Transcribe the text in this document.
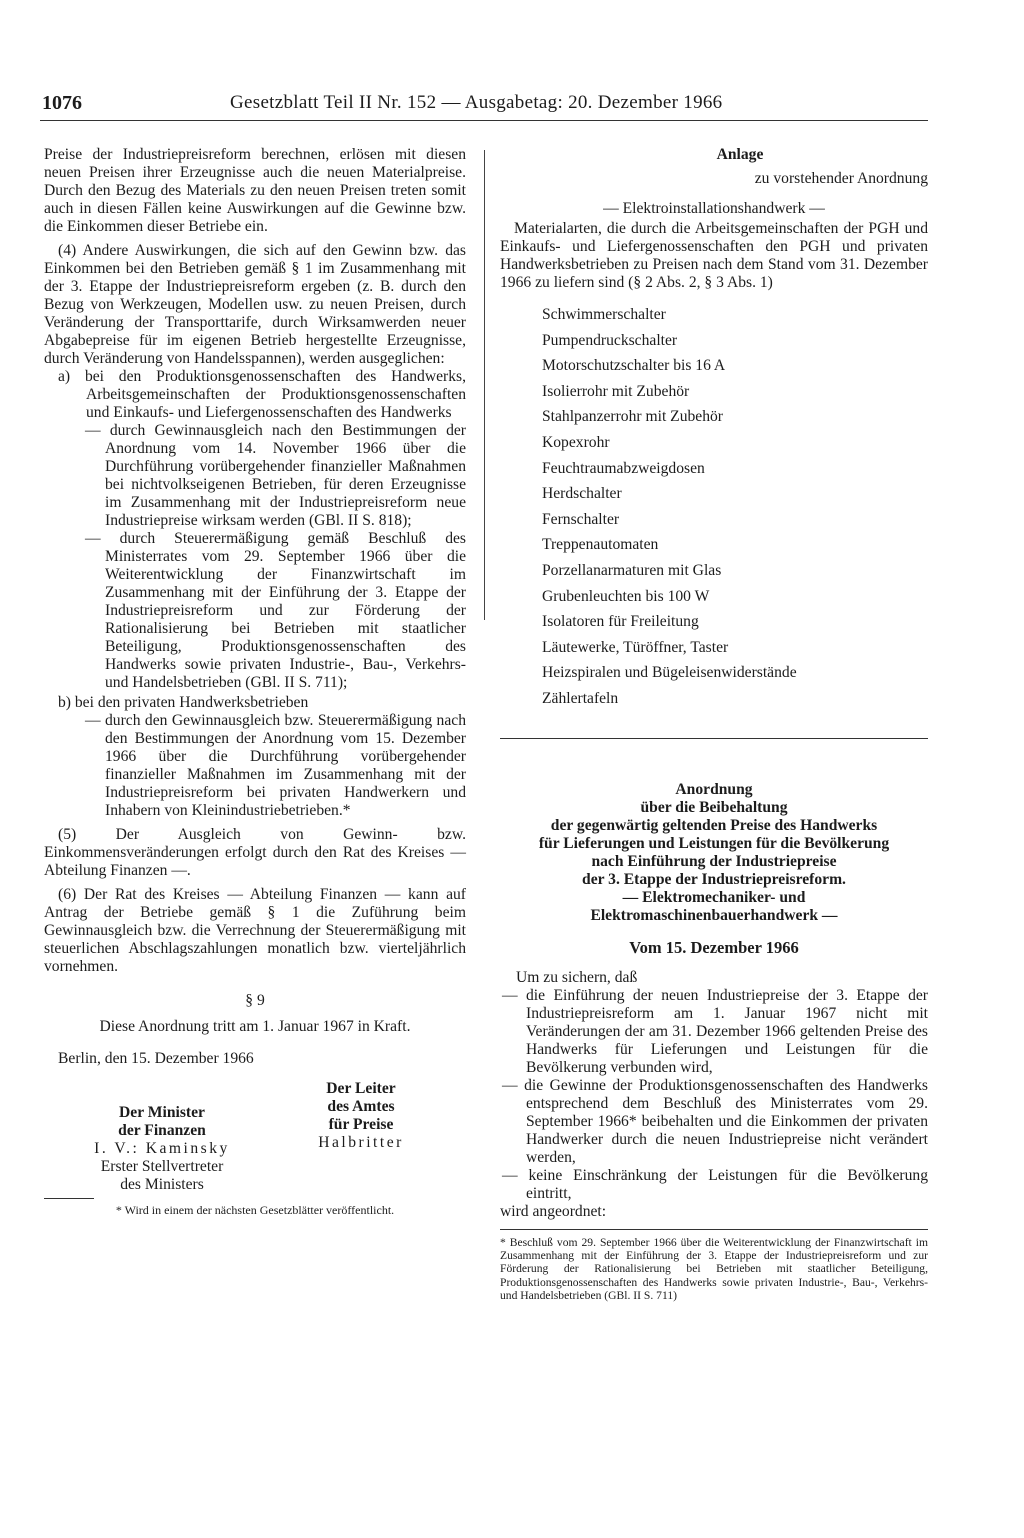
1076	Gesetzblatt Teil II Nr. 152 — Ausgabetag: 20. Dezember 1966

Preise der Industriepreisreform berechnen, erlösen mit diesen neuen Preisen ihrer Erzeugnisse auch die neuen Materialpreise. Durch den Bezug des Materials zu den neuen Preisen treten somit auch in diesen Fällen keine Auswirkungen auf die Gewinne bzw. die Einkommen dieser Betriebe ein.

(4) Andere Auswirkungen, die sich auf den Gewinn bzw. das Einkommen bei den Betrieben gemäß § 1 im Zusammenhang mit der 3. Etappe der Industriepreisreform ergeben (z. B. durch den Bezug von Werkzeugen, Modellen usw. zu neuen Preisen, durch Veränderung der Transporttarife, durch Wirksamwerden neuer Abgabepreise für im eigenen Betrieb hergestellte Erzeugnisse, durch Veränderung von Handelsspannen), werden ausgeglichen:

a) bei den Produktionsgenossenschaften des Handwerks, Arbeitsgemeinschaften der Produktionsgenossenschaften und Einkaufs- und Liefergenossenschaften des Handwerks

— durch Gewinnausgleich nach den Bestimmungen der Anordnung vom 14. November 1966 über die Durchführung vorübergehender finanzieller Maßnahmen bei nichtvolkseigenen Betrieben, für deren Erzeugnisse im Zusammenhang mit der Industriepreisreform neue Industriepreise wirksam werden (GBl. II S. 818);

— durch Steuerermäßigung gemäß Beschluß des Ministerrates vom 29. September 1966 über die Weiterentwicklung der Finanzwirtschaft im Zusammenhang mit der Einführung der 3. Etappe der Industriepreisreform und zur Förderung der Rationalisierung bei Betrieben mit staatlicher Beteiligung, Produktionsgenossenschaften des Handwerks sowie privaten Industrie-, Bau-, Verkehrs- und Handelsbetrieben (GBl. II S. 711);

b) bei den privaten Handwerksbetrieben

— durch den Gewinnausgleich bzw. Steuerermäßigung nach den Bestimmungen der Anordnung vom 15. Dezember 1966 über die Durchführung vorübergehender finanzieller Maßnahmen im Zusammenhang mit der Industriepreisreform bei privaten Handwerkern und Inhabern von Kleinindustriebetrieben.*

(5) Der Ausgleich von Gewinn- bzw. Einkommensveränderungen erfolgt durch den Rat des Kreises — Abteilung Finanzen —.

(6) Der Rat des Kreises — Abteilung Finanzen — kann auf Antrag der Betriebe gemäß § 1 die Zuführung beim Gewinnausgleich bzw. die Verrechnung der Steuerermäßigung mit steuerlichen Abschlagszahlungen monatlich bzw. vierteljährlich vornehmen.

§ 9

Diese Anordnung tritt am 1. Januar 1967 in Kraft.

Berlin, den 15. Dezember 1966

Der Minister
der Finanzen
I. V.: Kaminsky
Erster Stellvertreter
des Ministers
Der Leiter
des Amtes
für Preise
Halbritter

* Wird in einem der nächsten Gesetzblätter veröffentlicht.

Anlage

zu vorstehender Anordnung

— Elektroinstallationshandwerk —

Materialarten, die durch die Arbeitsgemeinschaften der PGH und Einkaufs- und Liefergenossenschaften den PGH und privaten Handwerksbetrieben zu Preisen nach dem Stand vom 31. Dezember 1966 zu liefern sind (§ 2 Abs. 2, § 3 Abs. 1)

Schwimmerschalter
Pumpendruckschalter
Motorschutzschalter bis 16 A
Isolierrohr mit Zubehör
Stahlpanzerrohr mit Zubehör
Kopexrohr
Feuchtraumabzweigdosen
Herdschalter
Fernschalter
Treppenautomaten
Porzellanarmaturen mit Glas
Grubenleuchten bis 100 W
Isolatoren für Freileitung
Läutewerke, Türöffner, Taster
Heizspiralen und Bügeleisenwiderstände
Zählertafeln
Anordnung
über die Beibehaltung
der gegenwärtig geltenden Preise des Handwerks
für Lieferungen und Leistungen für die Bevölkerung
nach Einführung der Industriepreise
der 3. Etappe der Industriepreisreform.
— Elektromechaniker- und
Elektromaschinenbauerhandwerk —
Vom 15. Dezember 1966

Um zu sichern, daß

— die Einführung der neuen Industriepreise der 3. Etappe der Industriepreisreform am 1. Januar 1967 nicht mit Veränderungen der am 31. Dezember 1966 geltenden Preise des Handwerks für Lieferungen und Leistungen für die Bevölkerung verbunden wird,

— die Gewinne der Produktionsgenossenschaften des Handwerks entsprechend dem Beschluß des Ministerrates vom 29. September 1966* beibehalten und die Einkommen der privaten Handwerker durch die neuen Industriepreise nicht verändert werden,

— keine Einschränkung der Leistungen für die Bevölkerung eintritt,

wird angeordnet:

* Beschluß vom 29. September 1966 über die Weiterentwicklung der Finanzwirtschaft im Zusammenhang mit der Einführung der 3. Etappe der Industriepreisreform und zur Förderung der Rationalisierung bei Betrieben mit staatlicher Beteiligung, Produktionsgenossenschaften des Handwerks sowie privaten Industrie-, Bau-, Verkehrs- und Handelsbetrieben (GBl. II S. 711)
